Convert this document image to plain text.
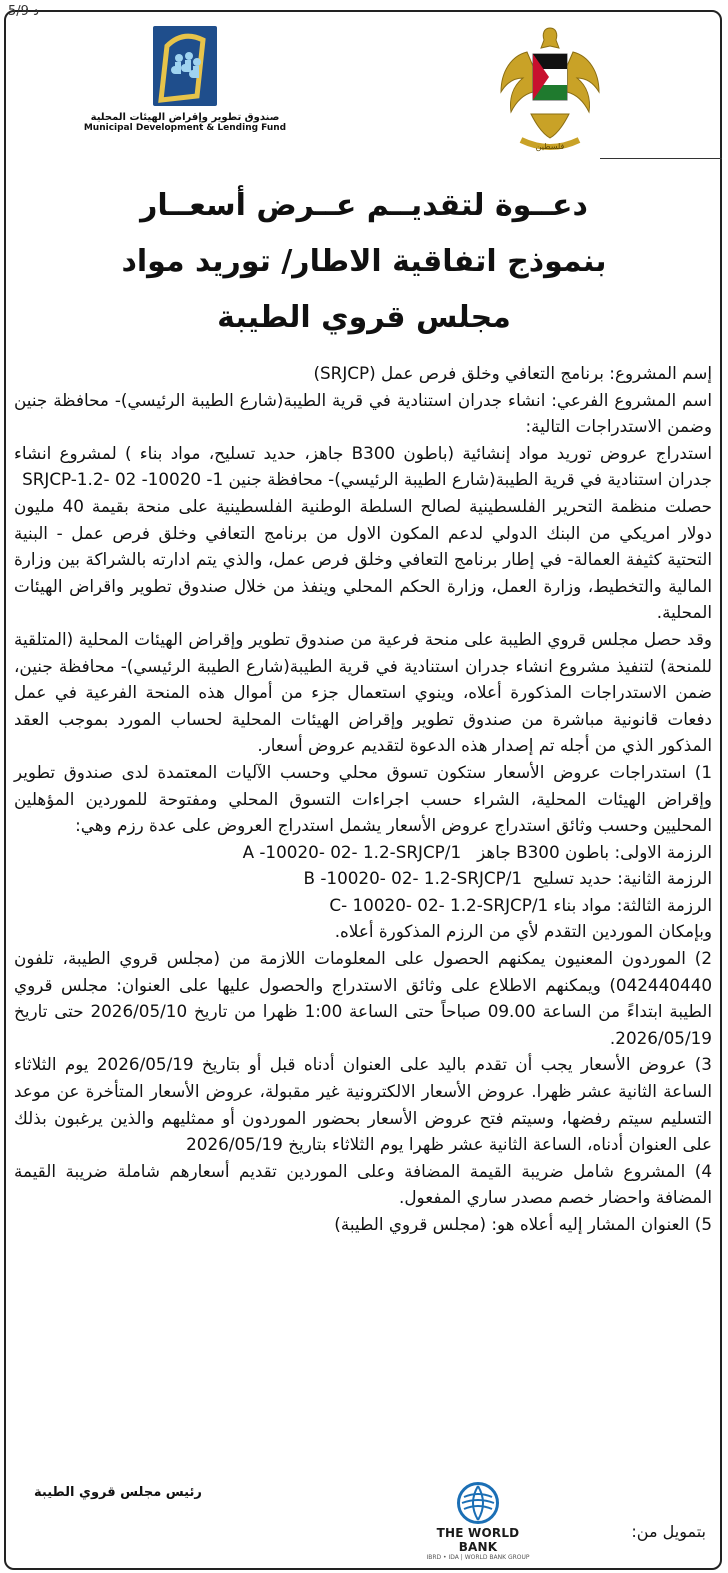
5/9 د
فلسطين
صندوق تطوير وإقراض الهيئات المحلية
Municipal Development & Lending Fund
دعــوة لتقديــم عــرض أسعــار
بنموذج اتفاقية الاطار/ توريد مواد
مجلس قروي الطيبة

إسم المشروع: برنامج التعافي وخلق فرص عمل (SRJCP)

اسم المشروع الفرعي: انشاء جدران استنادية في قرية الطيبة(شارع الطيبة الرئيسي)- محافظة جنين وضمن الاستدراجات التالية:

استدراج عروض توريد مواد إنشائية (باطون B300 جاهز، حديد تسليح، مواد بناء ) لمشروع انشاء جدران استنادية في قرية الطيبة(شارع الطيبة الرئيسي)- محافظة جنين 1- 10020- 02 -SRJCP-1.2

حصلت منظمة التحرير الفلسطينية لصالح السلطة الوطنية الفلسطينية على منحة بقيمة 40 مليون دولار امريكي من البنك الدولي لدعم المكون الاول من برنامج التعافي وخلق فرص عمل - البنية التحتية كثيفة العمالة- في إطار برنامج التعافي وخلق فرص عمل، والذي يتم ادارته بالشراكة بين وزارة المالية والتخطيط، وزارة العمل، وزارة الحكم المحلي وينفذ من خلال صندوق تطوير واقراض الهيئات المحلية.

وقد حصل مجلس قروي الطيبة على منحة فرعية من صندوق تطوير وإقراض الهيئات المحلية (المتلقية للمنحة) لتنفيذ مشروع انشاء جدران استنادية في قرية الطيبة(شارع الطيبة الرئيسي)- محافظة جنين، ضمن الاستدراجات المذكورة أعلاه، وينوي استعمال جزء من أموال هذه المنحة الفرعية في عمل دفعات قانونية مباشرة من صندوق تطوير وإقراض الهيئات المحلية لحساب المورد بموجب العقد المذكور الذي من أجله تم إصدار هذه الدعوة لتقديم عروض أسعار.

1) استدراجات عروض الأسعار ستكون تسوق محلي وحسب الآليات المعتمدة لدى صندوق تطوير وإقراض الهيئات المحلية، الشراء حسب اجراءات التسوق المحلي ومفتوحة للموردين المؤهلين المحليين وحسب وثائق استدراج عروض الأسعار يشمل استدراج العروض على عدة رزم وهي:

الرزمة الاولى: باطون B300 جاهز   1/A -10020- 02- 1.2-SRJCP

الرزمة الثانية: حديد تسليح  1/B -10020- 02- 1.2-SRJCP

الرزمة الثالثة: مواد بناء 1/C- 10020- 02- 1.2-SRJCP

وبإمكان الموردين التقدم لأي من الرزم المذكورة أعلاه.

2) الموردون المعنيون يمكنهم الحصول على المعلومات اللازمة من (مجلس قروي الطيبة، تلفون 042440440) ويمكنهم الاطلاع على وثائق الاستدراج والحصول عليها على العنوان: مجلس قروي الطيبة ابتداءً من الساعة 09.00 صباحاً حتى الساعة 1:00 ظهرا من تاريخ 2026/05/10 حتى تاريخ 2026/05/19.

3) عروض الأسعار يجب أن تقدم باليد على العنوان أدناه قبل أو بتاريخ 2026/05/19 يوم الثلاثاء الساعة الثانية عشر ظهرا. عروض الأسعار الالكترونية غير مقبولة، عروض الأسعار المتأخرة عن موعد التسليم سيتم رفضها، وسيتم فتح عروض الأسعار بحضور الموردون أو ممثليهم والذين يرغبون بذلك على العنوان أدناه، الساعة الثانية عشر ظهرا يوم الثلاثاء بتاريخ 2026/05/19

4) المشروع شامل ضريبة القيمة المضافة وعلى الموردين تقديم أسعارهم شاملة ضريبة القيمة المضافة واحضار خصم مصدر ساري المفعول.

5) العنوان المشار إليه أعلاه هو: (مجلس قروي الطيبة)

رئيس مجلس قروي الطيبة
THE WORLD BANK
IBRD • IDA | WORLD BANK GROUP
بتمويل من:
